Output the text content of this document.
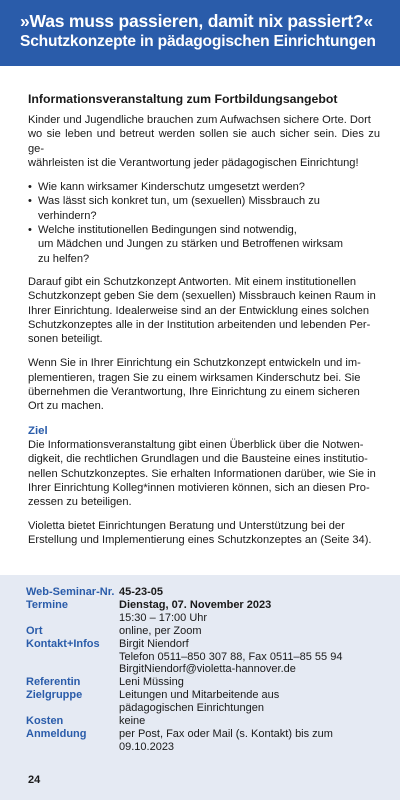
»Was muss passieren, damit nix passiert?«
Schutzkonzepte in pädagogischen Einrichtungen
Informationsveranstaltung zum Fortbildungsangebot

Kinder und Jugendliche brauchen zum Aufwachsen sichere Orte. Dort
wo sie leben und betreut werden sollen sie auch sicher sein. Dies zu ge-
währleisten ist die Verantwortung jeder pädagogischen Einrichtung!

• Wie kann wirksamer Kinderschutz umgesetzt werden?
• Was lässt sich konkret tun, um (sexuellen) Missbrauch zu
verhindern?
• Welche institutionellen Bedingungen sind notwendig,
um Mädchen und Jungen zu stärken und Betroffenen wirksam
zu helfen?

Darauf gibt ein Schutzkonzept Antworten. Mit einem institutionellen
Schutzkonzept geben Sie dem (sexuellen) Missbrauch keinen Raum in
Ihrer Einrichtung. Idealerweise sind an der Entwicklung eines solchen
Schutzkonzeptes alle in der Institution arbeitenden und lebenden Per-
sonen beteiligt.

Wenn Sie in Ihrer Einrichtung ein Schutzkonzept entwickeln und im-
plementieren, tragen Sie zu einem wirksamen Kinderschutz bei. Sie
übernehmen die Verantwortung, Ihre Einrichtung zu einem sicheren
Ort zu machen.

Ziel

Die Informationsveranstaltung gibt einen Überblick über die Notwen-
digkeit, die rechtlichen Grundlagen und die Bausteine eines institutio-
nellen Schutzkonzeptes. Sie erhalten Informationen darüber, wie Sie in
Ihrer Einrichtung Kolleg*innen motivieren können, sich an diesen Pro-
zessen zu beteiligen.

Violetta bietet Einrichtungen Beratung und Unterstützung bei der
Erstellung und Implementierung eines Schutzkonzeptes an (Seite 34).

Web-Seminar-Nr. 45-23-05
Termine	Dienstag, 07. November 2023
15:30 – 17:00 Uhr
Ort	online, per Zoom
Kontakt+Infos	Birgit Niendorf
Telefon 0511–850 307 88, Fax 0511–85 55 94
BirgitNiendorf@violetta-hannover.de
Referentin	Leni Müssing
Zielgruppe	Leitungen und Mitarbeitende aus
pädagogischen Einrichtungen
Kosten	keine
Anmeldung	per Post, Fax oder Mail (s. Kontakt) bis zum
09.10.2023
24
